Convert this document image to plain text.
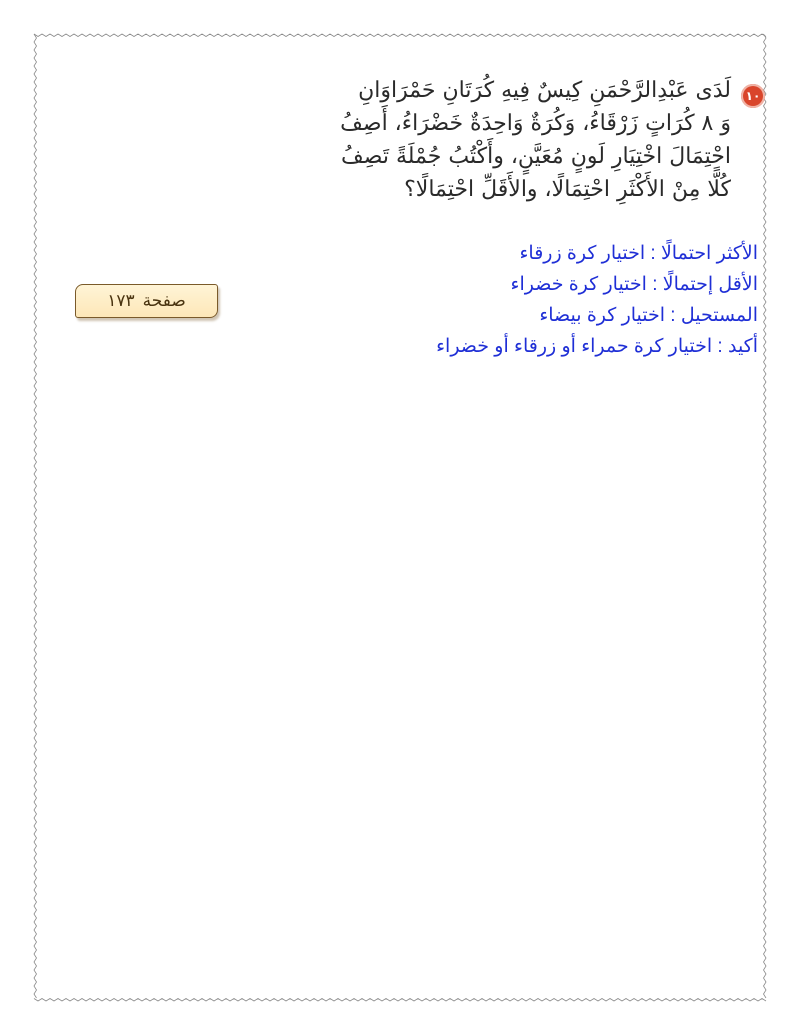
١٠
لَدَى عَبْدِالرَّحْمَنِ كِيسٌ فِيهِ كُرَتَانِ حَمْرَاوَانِ
وَ ٨ كُرَاتٍ زَرْقَاءُ، وَكُرَةٌ وَاحِدَةٌ خَضْرَاءُ، أَصِفُ
احْتِمَالَ اخْتِيَارِ لَونٍ مُعَيَّنٍ، وأَكْتُبُ جُمْلَةً تَصِفُ
كُلًّا مِنْ الأَكْثَرِ احْتِمَالًا، والأَقَلِّ احْتِمَالًا؟
الأكثر احتمالًا : اختيار كرة زرقاء
الأقل إحتمالًا : اختيار كرة خضراء
المستحيل : اختيار كرة بيضاء
أكيد : اختيار كرة حمراء أو زرقاء أو خضراء
صفحة
١٧٣
